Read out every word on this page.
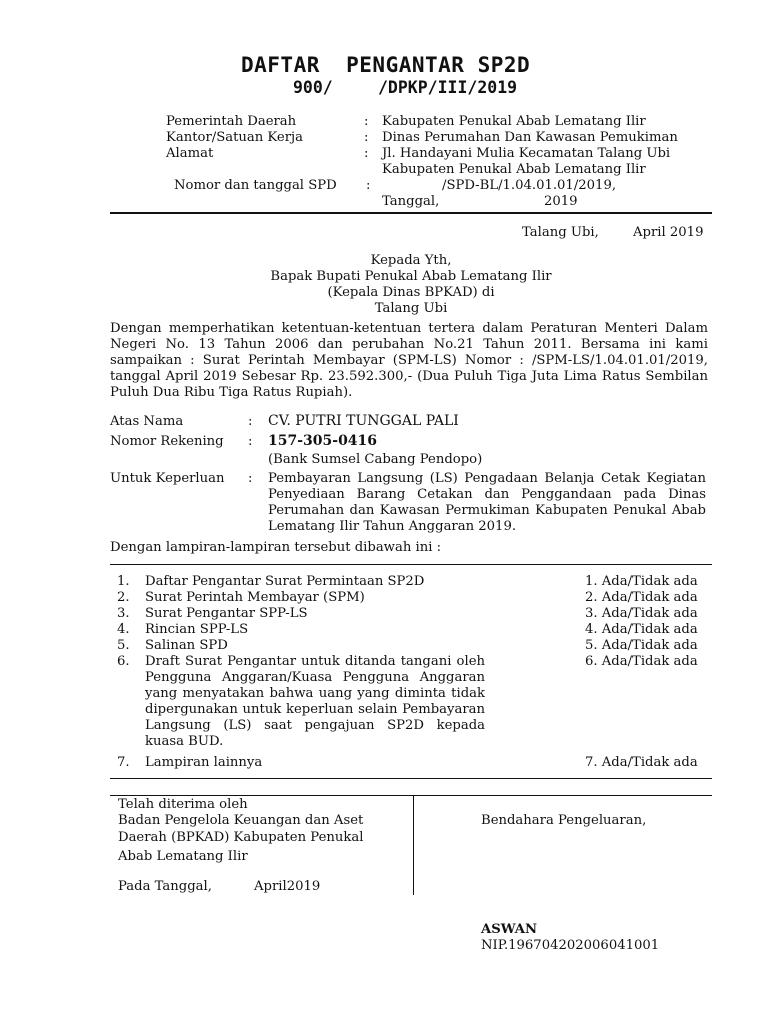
DAFTAR  PENGANTAR SP2D
900/	/DPKP/III/2019
Pemerintah Daerah	: Kabupaten Penukal Abab Lematang Ilir
Kantor/Satuan Kerja	: Dinas Perumahan Dan Kawasan Pemukiman
Alamat	: Jl. Handayani Mulia Kecamatan Talang Ubi
Kabupaten Penukal Abab Lematang Ilir
Nomor dan tanggal SPD :	/SPD-BL/1.04.01.01/2019,
Tanggal,	2019
Talang Ubi,	April 2019
Kepada Yth,
Bapak Bupati Penukal Abab Lematang Ilir
(Kepala Dinas BPKAD) di
Talang Ubi
Dengan memperhatikan ketentuan-ketentuan tertera dalam Peraturan Menteri Dalam Negeri No. 13 Tahun 2006 dan perubahan No.21 Tahun 2011. Bersama ini kami sampaikan : Surat Perintah Membayar (SPM-LS) Nomor : /SPM-LS/1.04.01.01/2019, tanggal April 2019 Sebesar Rp. 23.592.300,- (Dua Puluh Tiga Juta Lima Ratus Sembilan Puluh Dua Ribu Tiga Ratus Rupiah).
Atas Nama	: CV. PUTRI TUNGGAL PALI
Nomor Rekening : 157-305-0416
(Bank Sumsel Cabang Pendopo)
Untuk Keperluan : Pembayaran Langsung (LS) Pengadaan Belanja Cetak Kegiatan Penyediaan Barang Cetakan dan Penggandaan pada Dinas Perumahan dan Kawasan Permukiman Kabupaten Penukal Abab Lematang Ilir Tahun Anggaran 2019.
Dengan lampiran-lampiran tersebut dibawah ini :
1. Daftar Pengantar Surat Permintaan SP2D	1. Ada/Tidak ada
2. Surat Perintah Membayar (SPM)	2. Ada/Tidak ada
3. Surat Pengantar SPP-LS	3. Ada/Tidak ada
4. Rincian SPP-LS	4. Ada/Tidak ada
5. Salinan SPD	5. Ada/Tidak ada
6. Draft Surat Pengantar untuk ditanda tangani oleh Pengguna Anggaran/Kuasa Pengguna Anggaran yang menyatakan bahwa uang yang diminta tidak dipergunakan untuk keperluan selain Pembayaran Langsung (LS) saat pengajuan SP2D kepada kuasa BUD.
6. Ada/Tidak ada
7. Lampiran lainnya	7. Ada/Tidak ada
Telah diterima oleh
Badan Pengelola Keuangan dan Aset
Daerah (BPKAD) Kabupaten Penukal
Abab Lematang Ilir
Pada Tanggal,	April2019
Bendahara Pengeluaran,
ASWAN
NIP.196704202006041001
